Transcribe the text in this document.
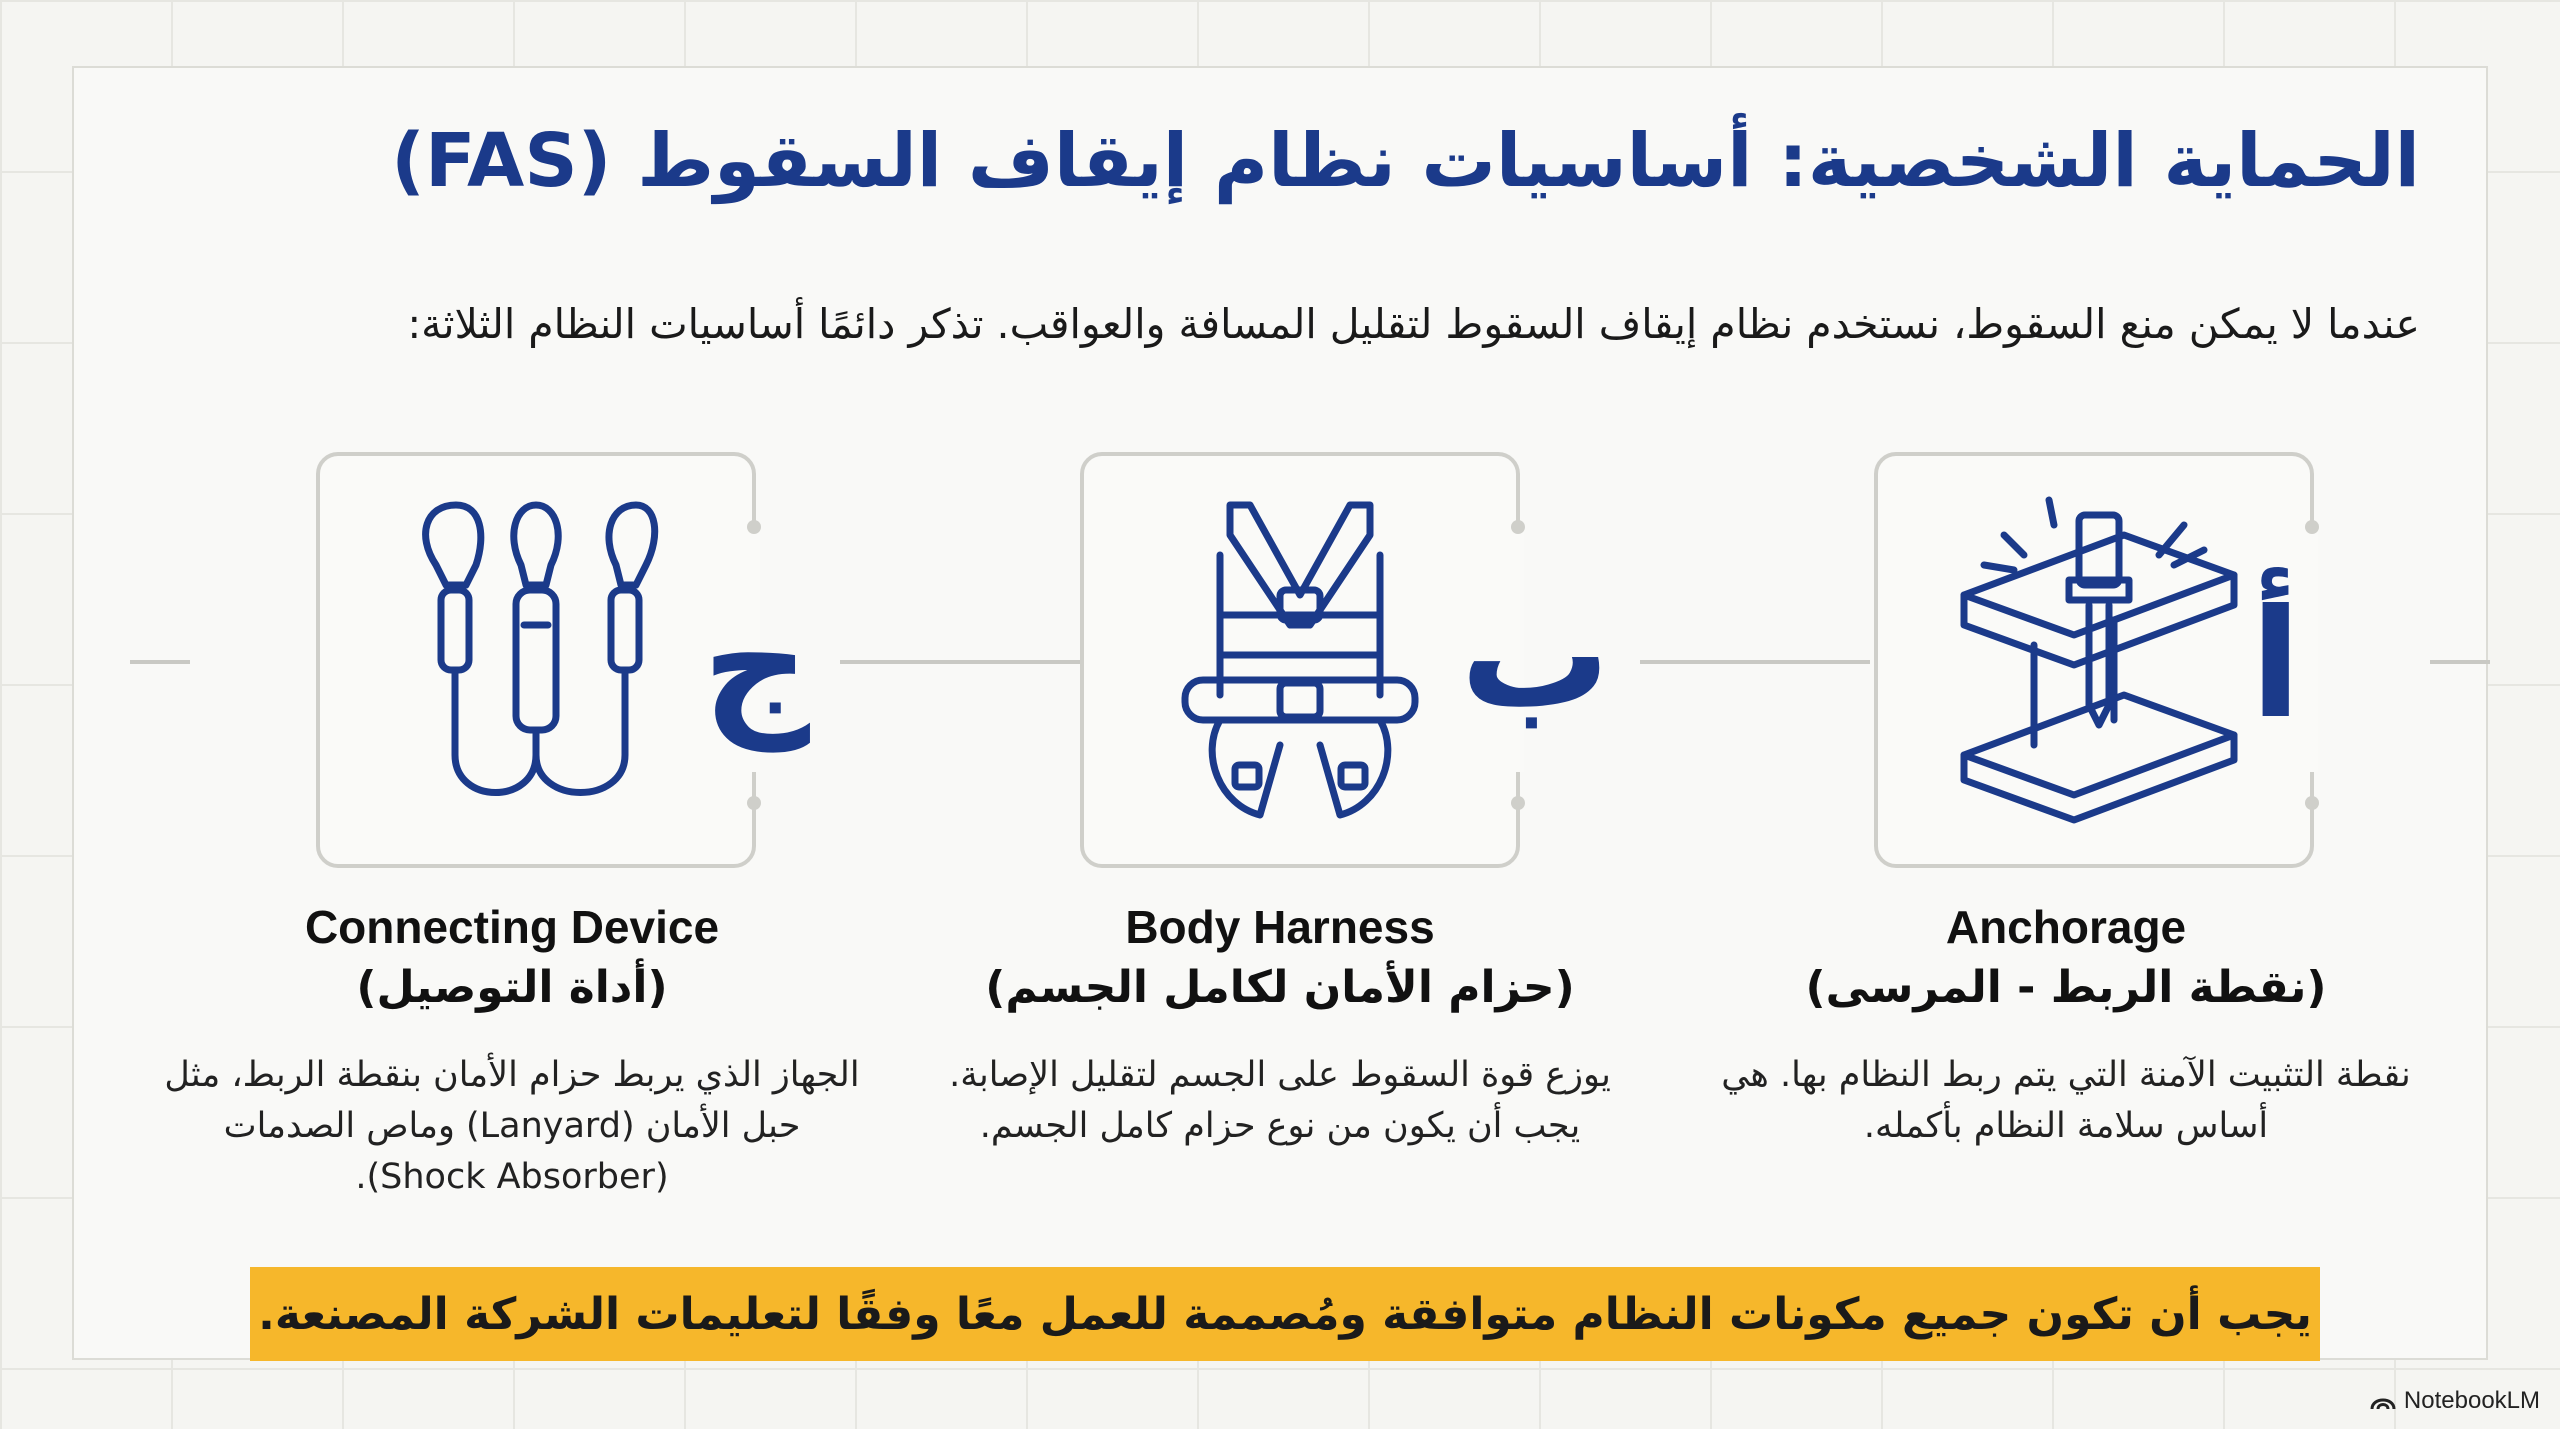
الحماية الشخصية: أساسيات نظام إيقاف السقوط (FAS)

عندما لا يمكن منع السقوط، نستخدم نظام إيقاف السقوط لتقليل المسافة والعواقب. تذكر دائمًا أساسيات النظام الثلاثة:

ج	ب	أ
Connecting Device
(أداة التوصيل)
الجهاز الذي يربط حزام الأمان بنقطة الربط، مثل حبل الأمان (Lanyard) وماص الصدمات (Shock Absorber).
Body Harness
(حزام الأمان لكامل الجسم)
يوزع قوة السقوط على الجسم لتقليل الإصابة. يجب أن يكون من نوع حزام كامل الجسم.
Anchorage
(نقطة الربط - المرسى)
نقطة التثبيت الآمنة التي يتم ربط النظام بها. هي أساس سلامة النظام بأكمله.
يجب أن تكون جميع مكونات النظام متوافقة ومُصممة للعمل معًا وفقًا لتعليمات الشركة المصنعة.
NotebookLM
